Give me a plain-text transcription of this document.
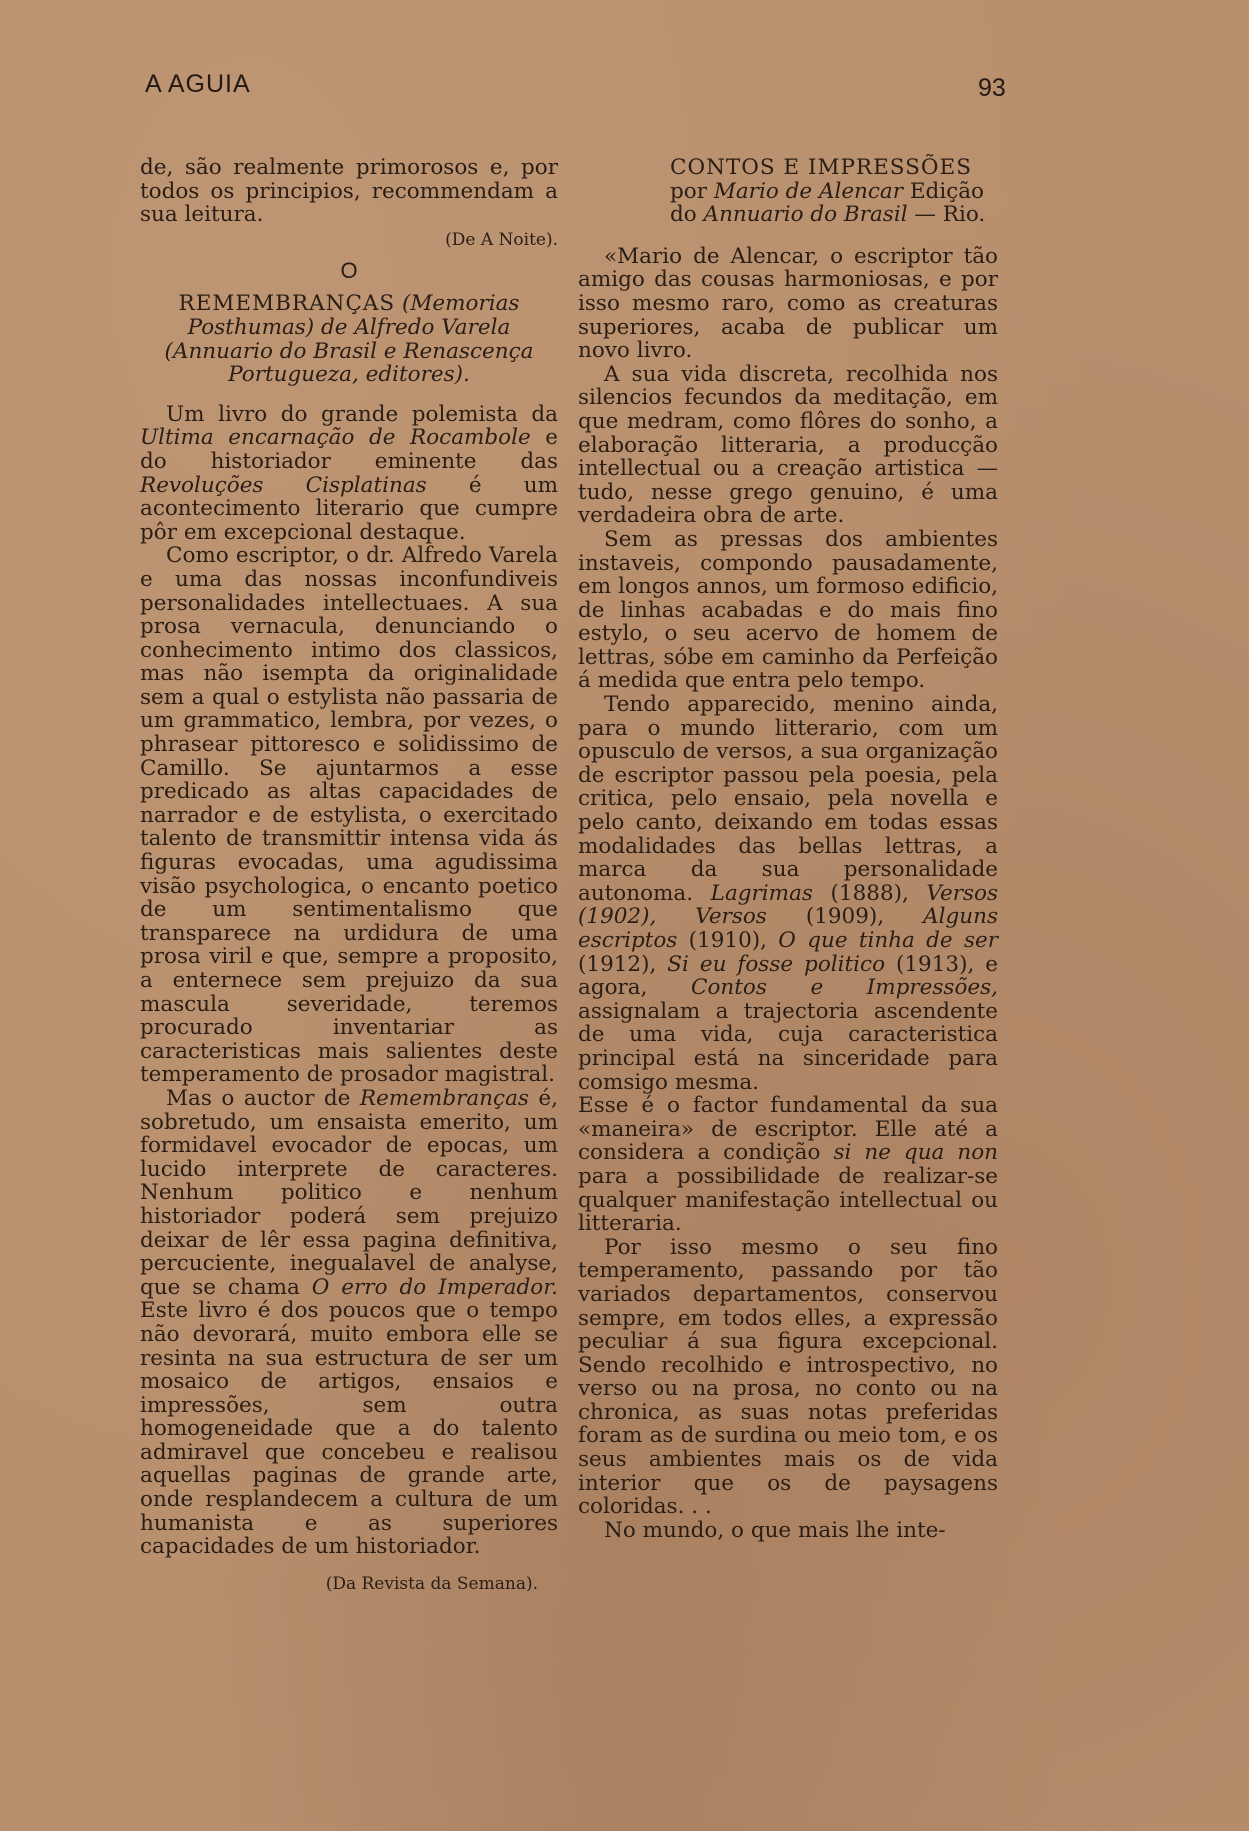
A AGUIA	93

de, são realmente primorosos e, por todos os principios, recommendam a sua leitura.

(De A Noite).

O
REMEMBRANÇAS (Memorias Posthumas) de Alfredo Varela (Annuario do Brasil e Renascença Portugueza, editores).

Um livro do grande polemista da Ultima encarnação de Rocambole e do historiador eminente das Revoluções Cisplatinas é um acontecimento literario que cumpre pôr em excepcional destaque.

Como escriptor, o dr. Alfredo Varela e uma das nossas inconfundiveis personalidades intellectuaes. A sua prosa vernacula, denunciando o conhecimento intimo dos classicos, mas não isempta da originalidade sem a qual o estylista não passaria de um grammatico, lembra, por vezes, o phrasear pittoresco e solidissimo de Camillo. Se ajuntarmos a esse predicado as altas capacidades de narrador e de estylista, o exercitado talento de transmittir intensa vida ás figuras evocadas, uma agudissima visão psychologica, o encanto poetico de um sentimentalismo que transparece na urdidura de uma prosa viril e que, sempre a proposito, a enternece sem prejuizo da sua mascula severidade, teremos procurado inventariar as caracteristicas mais salientes deste temperamento de prosador magistral.

Mas o auctor de Remembranças é, sobretudo, um ensaista emerito, um formidavel evocador de epocas, um lucido interprete de caracteres. Nenhum politico e nenhum historiador poderá sem prejuizo deixar de lêr essa pagina definitiva, percuciente, inegualavel de analyse, que se chama O erro do Imperador. Este livro é dos poucos que o tempo não devorará, muito embora elle se resinta na sua estructura de ser um mosaico de artigos, ensaios e impressões, sem outra homogeneidade que a do talento admiravel que concebeu e realisou aquellas paginas de grande arte, onde resplandecem a cultura de um humanista e as superiores capacidades de um historiador.

(Da Revista da Semana).

CONTOS E IMPRESSÕES por Mario de Alencar Edição do Annuario do Brasil — Rio.

«Mario de Alencar, o escriptor tão amigo das cousas harmoniosas, e por isso mesmo raro, como as creaturas superiores, acaba de publicar um novo livro.

A sua vida discreta, recolhida nos silencios fecundos da meditação, em que medram, como flôres do sonho, a elaboração litteraria, a producção intellectual ou a creação artistica — tudo, nesse grego genuino, é uma verdadeira obra de arte.

Sem as pressas dos ambientes instaveis, compondo pausadamente, em longos annos, um formoso edificio, de linhas acabadas e do mais fino estylo, o seu acervo de homem de lettras, sóbe em caminho da Perfeição á medida que entra pelo tempo.

Tendo apparecido, menino ainda, para o mundo litterario, com um opusculo de versos, a sua organização de escriptor passou pela poesia, pela critica, pelo ensaio, pela novella e pelo canto, deixando em todas essas modalidades das bellas lettras, a marca da sua personalidade autonoma. Lagrimas (1888), Versos (1902), Versos (1909), Alguns escriptos (1910), O que tinha de ser (1912), Si eu fosse politico (1913), e agora, Contos e Impressões, assignalam a trajectoria ascendente de uma vida, cuja caracteristica principal está na sinceridade para comsigo mesma.

Esse é o factor fundamental da sua «maneira» de escriptor. Elle até a considera a condição si ne qua non para a possibilidade de realizar-se qualquer manifestação intellectual ou litteraria.

Por isso mesmo o seu fino temperamento, passando por tão variados departamentos, conservou sempre, em todos elles, a expressão peculiar á sua figura excepcional. Sendo recolhido e introspectivo, no verso ou na prosa, no conto ou na chronica, as suas notas preferidas foram as de surdina ou meio tom, e os seus ambientes mais os de vida interior que os de paysagens coloridas. . .

No mundo, o que mais lhe inte-
